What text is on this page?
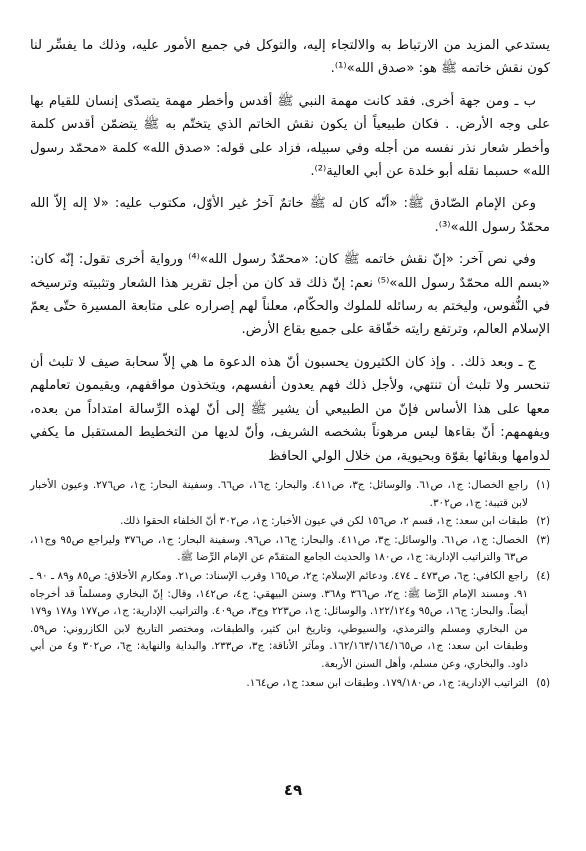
يستدعي المزيد من الارتباط به والالتجاء إليه، والتوكل في جميع الأمور عليه، وذلك ما يفسِّر لنا كون نقش خاتمه ﷺ هو: «صدق الله»⁽¹⁾.

ب ـ ومن جهة أخرى. فقد كانت مهمة النبي ﷺ أقدس وأخطر مهمة يتصدّى إنسان للقيام بها على وجه الأرض. . فكان طبيعياً أن يكون نقش الخاتم الذي يتختّم به ﷺ يتضمّن أقدس كلمة وأخطر شعار نذر نفسه من أجله وفي سبيله، فزاد على قوله: «صدق الله» كلمة «محمّد رسول الله» حسبما نقله أبو خلدة عن أبي العالية⁽²⁾.

وعن الإمام الصّادق ﷺ: «أنّه كان له ﷺ خاتمٌ آخرُ غير الأوّل، مكتوب عليه: «لا إله إلاّ الله محمّدٌ رسول الله»⁽³⁾.

وفي نص آخر: «إنّ نقش خاتمه ﷺ كان: «محمّدٌ رسول الله»⁽⁴⁾ ورواية أخرى تقول: إنّه كان: «بسم الله محمّدٌ رسول الله»⁽⁵⁾ نعم: إنّ ذلك قد كان من أجل تقرير هذا الشعار وتثبيته وترسيخه في النُّفوس، وليختم به رسائله للملوك والحكّام، معلناً لهم إصراره على متابعة المسيرة حتّى يعمّ الإسلام العالم، وترتفع رايته خفّاقة على جميع بقاع الأرض.

ج ـ وبعد ذلك. . وإذ كان الكثيرون يحسبون أنّ هذه الدعوة ما هي إلاّ سحابة صيف لا تلبث أن تنحسر ولا تلبث أن تنتهي، ولأجل ذلك فهم يعدون أنفسهم، ويتخذون مواقفهم، ويقيمون تعاملهم معها على هذا الأساس فإنّ من الطبيعي أن يشير ﷺ إلى أنّ لهذه الرِّسالة امتداداً من بعده، ويفهمهم: أنّ بقاءها ليس مرهوناً بشخصه الشريف، وأنّ لديها من التخطيط المستقبل ما يكفي لدوامها وبقائها بقوّة وبحيوية، من خلال الولي الحافظ

(١)راجع الخصال: ج١، ص٦١. والوسائل: ج٣، ص٤١١. والبحار: ج١٦، ص٦٦. وسفينة البحار: ج١، ص٢٧٦. وعيون الأخبار لابن قتيبة: ج١، ص٣٠٢.
(٢)طبقات ابن سعد: ج١، قسم ٢، ص١٥٦ لكن في عيون الأخبار: ج١، ص٣٠٢ أنّ الخلفاء الحقوا ذلك.
(٣)الخصال: ج١، ص٦١. والوسائل: ج٣، ص٤١١. والبحار: ج١٦، ص٩٦. وسفينة البحار: ج١، ص٣٧٦ وليراجع ص٩٥ وج١١، ص٦٣ والتراتيب الإدارية: ج١، ص١٨٠ والحديث الجامع المتقدّم عن الإمام الرِّضا ﷺ.
(٤)راجع الكافي: ج٦، ص٤٧٣ ـ ٤٧٤. ودعائم الإسلام: ج٢، ص١٦٥ وقرب الإسناد: ص٢١. ومكارم الأخلاق: ص٨٥ و٨٩ ـ ٩٠ ـ ٩١. ومسند الإمام الرِّضا ﷺ: ج٢، ص٣٦٦ و٣٦٨. وسنن البيهقي: ج٤، ص١٤٢، وقال: إنّ البخاري ومسلماً قد أخرجاه أيضاً. والبحار: ج١٦، ص٩٥ و١٢٢/١٢٤. والوسائل: ج١، ص٢٢٣ وج٣، ص٤٠٩. والتراتيب الإدارية: ج١، ص١٧٧ و١٧٨ و١٧٩ من البخاري ومسلم والترمذي، والسيوطي، وتاريخ ابن كثير، والطبقات، ومختصر التاريخ لابن الكازروني: ص٥٩. وطبقات ابن سعد: ج١، ص١٦٢/١٦٣/١٦٤/١٦٥. ومآثر الأناقة: ج٣، ص٢٣٣. والبداية والنهاية: ج٦، ص٣٠٢ و٤ من أبي داود. والبخاري، وعن مسلم، وأهل السنن الأربعة.
(٥)التراتيب الإدارية: ج١، ص١٧٩/١٨٠. وطبقات ابن سعد: ج١، ص١٦٤.
٤٩
